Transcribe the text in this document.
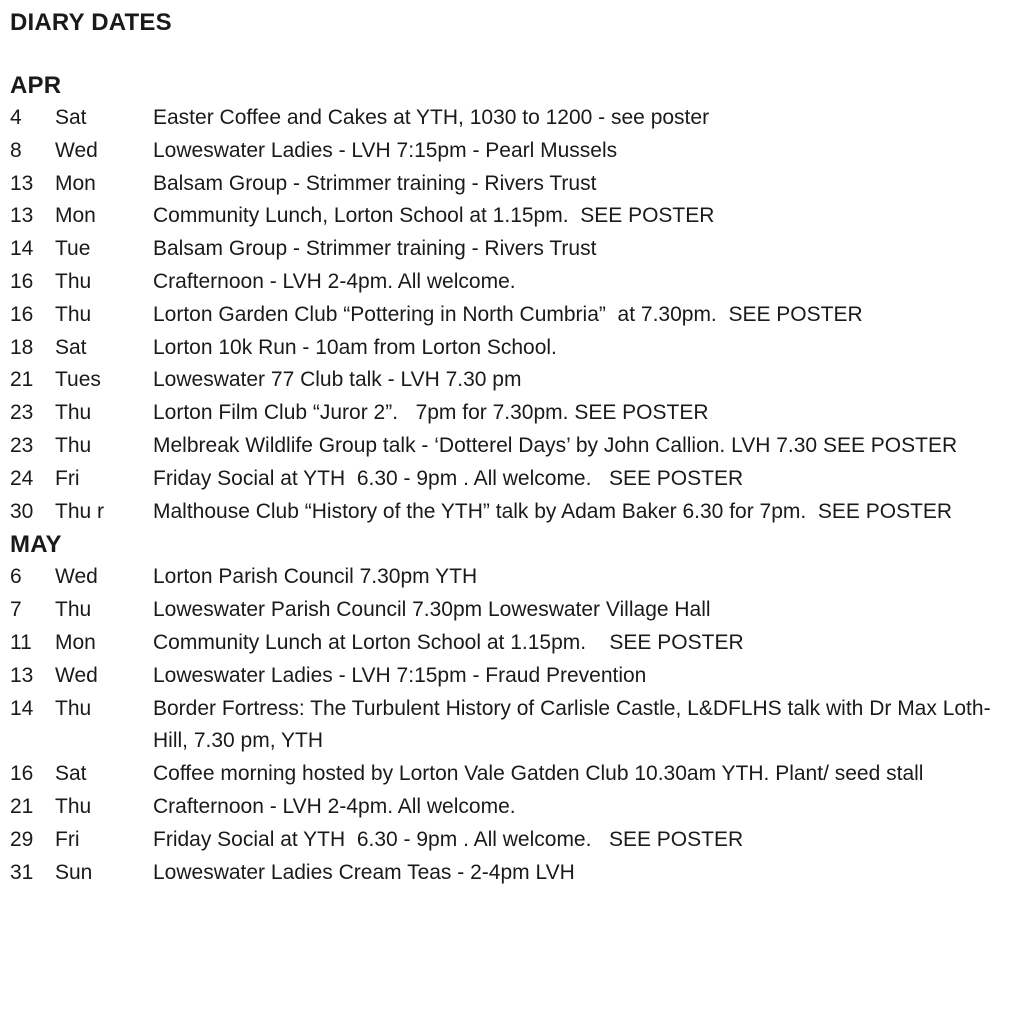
DIARY DATES
APR
4	Sat	Easter Coffee and Cakes at YTH, 1030 to 1200 - see poster
8	Wed	Loweswater Ladies - LVH 7:15pm - Pearl Mussels
13	Mon	Balsam Group - Strimmer training - Rivers Trust
13	Mon	Community Lunch, Lorton School at 1.15pm.  SEE POSTER
14	Tue	Balsam Group - Strimmer training - Rivers Trust
16	Thu	Crafternoon - LVH 2-4pm. All welcome.
16	Thu	Lorton Garden Club “Pottering in North Cumbria”  at 7.30pm.  SEE POSTER
18	Sat	Lorton 10k Run - 10am from Lorton School.
21	Tues	Loweswater 77 Club talk - LVH 7.30 pm
23	Thu	Lorton Film Club “Juror 2”.   7pm for 7.30pm. SEE POSTER
23	Thu	Melbreak Wildlife Group talk - ‘Dotterel Days’ by John Callion. LVH 7.30 SEE POSTER
24	Fri	Friday Social at YTH  6.30 - 9pm . All welcome.   SEE POSTER
30	Thu r	Malthouse Club “History of the YTH” talk by Adam Baker 6.30 for 7pm.  SEE POSTER
MAY
6	Wed	Lorton Parish Council 7.30pm YTH
7	Thu	Loweswater Parish Council 7.30pm Loweswater Village Hall
11	Mon	Community Lunch at Lorton School at 1.15pm.    SEE POSTER
13	Wed	Loweswater Ladies - LVH 7:15pm - Fraud Prevention
14	Thu	Border Fortress: The Turbulent History of Carlisle Castle, L&DFLHS talk with Dr Max Loth-Hill, 7.30 pm, YTH
16	Sat	Coffee morning hosted by Lorton Vale Gatden Club 10.30am YTH. Plant/ seed stall
21	Thu	Crafternoon - LVH 2-4pm. All welcome.
29	Fri	Friday Social at YTH  6.30 - 9pm . All welcome.   SEE POSTER
31	Sun	Loweswater Ladies Cream Teas - 2-4pm LVH
